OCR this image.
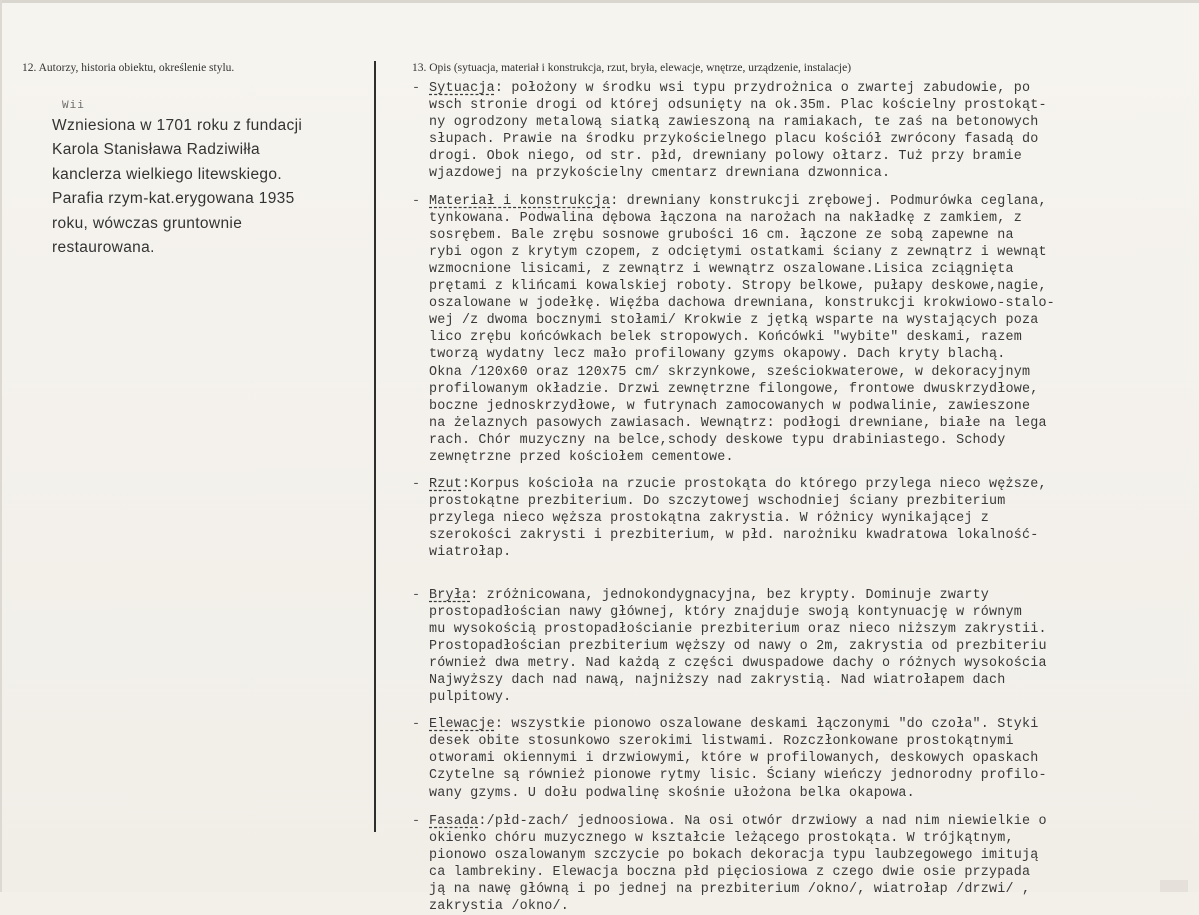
12. Autorzy, historia obiektu, określenie stylu.	13. Opis (sytuacja, materiał i konstrukcja, rzut, bryła, elewacje, wnętrze, urządzenie, instalacje)
Wii
Wzniesiona w 1701 roku z fundacji
Karola Stanisława Radziwiłła
kanclerza wielkiego litewskiego.
Parafia rzym-kat.erygowana 1935
roku, wówczas gruntownie
restaurowana.
- Sytuacja: położony w środku wsi typu przydrożnica o zwartej zabudowie, po
wsch stronie drogi od której odsunięty na ok.35m. Plac kościelny prostokąt-
ny ogrodzony metalową siatką zawieszoną na ramiakach, te zaś na betonowych
słupach. Prawie na środku przykościelnego placu kościół zwrócony fasadą do
drogi. Obok niego, od str. płd, drewniany polowy ołtarz. Tuż przy bramie
wjazdowej na przykościelny cmentarz drewniana dzwonnica.
- Materiał i konstrukcja: drewniany konstrukcji zrębowej. Podmurówka ceglana,
tynkowana. Podwalina dębowa łączona na narożach na nakładkę z zamkiem, z
sosrębem. Bale zrębu sosnowe grubości 16 cm. łączone ze sobą zapewne na
rybi ogon z krytym czopem, z odciętymi ostatkami ściany z zewnątrz i wewnąt
wzmocnione lisicami, z zewnątrz i wewnątrz oszalowane.Lisica zciągnięta
prętami z klińcami kowalskiej roboty. Stropy belkowe, pułapy deskowe,nagie,
oszalowane w jodełkę. Więźba dachowa drewniana, konstrukcji krokwiowo-stalo-
wej /z dwoma bocznymi stołami/ Krokwie z jętką wsparte na wystających poza
lico zrębu końcówkach belek stropowych. Końcówki "wybite" deskami, razem
tworzą wydatny lecz mało profilowany gzyms okapowy. Dach kryty blachą.
Okna /120x60 oraz 120x75 cm/ skrzynkowe, sześciokwaterowe, w dekoracyjnym
profilowanym okładzie. Drzwi zewnętrzne filongowe, frontowe dwuskrzydłowe,
boczne jednoskrzydłowe, w futrynach zamocowanych w podwalinie, zawieszone
na żelaznych pasowych zawiasach. Wewnątrz: podłogi drewniane, białe na lega
rach. Chór muzyczny na belce,schody deskowe typu drabiniastego. Schody
zewnętrzne przed kościołem cementowe.
- Rzut:Korpus kościoła na rzucie prostokąta do którego przylega nieco węższe,
prostokątne prezbiterium. Do szczytowej wschodniej ściany prezbiterium
przylega nieco węższa prostokątna zakrystia. W różnicy wynikającej z
szerokości zakrysti i prezbiterium, w płd. narożniku kwadratowa lokalność-
wiatrołap.
- Bryła: zróżnicowana, jednokondygnacyjna, bez krypty. Dominuje zwarty
prostopadłościan nawy głównej, który znajduje swoją kontynuację w równym
mu wysokością prostopadłościanie prezbiterium oraz nieco niższym zakrystii.
Prostopadłościan prezbiterium węższy od nawy o 2m, zakrystia od prezbiteriu
również dwa metry. Nad każdą z części dwuspadowe dachy o różnych wysokościa
Najwyższy dach nad nawą, najniższy nad zakrystią. Nad wiatrołapem dach
pulpitowy.
- Elewacje: wszystkie pionowo oszalowane deskami łączonymi "do czoła". Styki
desek obite stosunkowo szerokimi listwami. Rozczłonkowane prostokątnymi
otworami okiennymi i drzwiowymi, które w profilowanych, deskowych opaskach
Czytelne są również pionowe rytmy lisic. Ściany wieńczy jednorodny profilo-
wany gzyms. U dołu podwalinę skośnie ułożona belka okapowa.
- Fasada:/płd-zach/ jednoosiowa. Na osi otwór drzwiowy a nad nim niewielkie o
okienko chóru muzycznego w kształcie leżącego prostokąta. W trójkątnym,
pionowo oszalowanym szczycie po bokach dekoracja typu laubzegowego imitują
ca lambrekiny. Elewacja boczna płd pięciosiowa z czego dwie osie przypada
ją na nawę główną i po jednej na prezbiterium /okno/, wiatrołap /drzwi/ ,
zakrystia /okno/.
